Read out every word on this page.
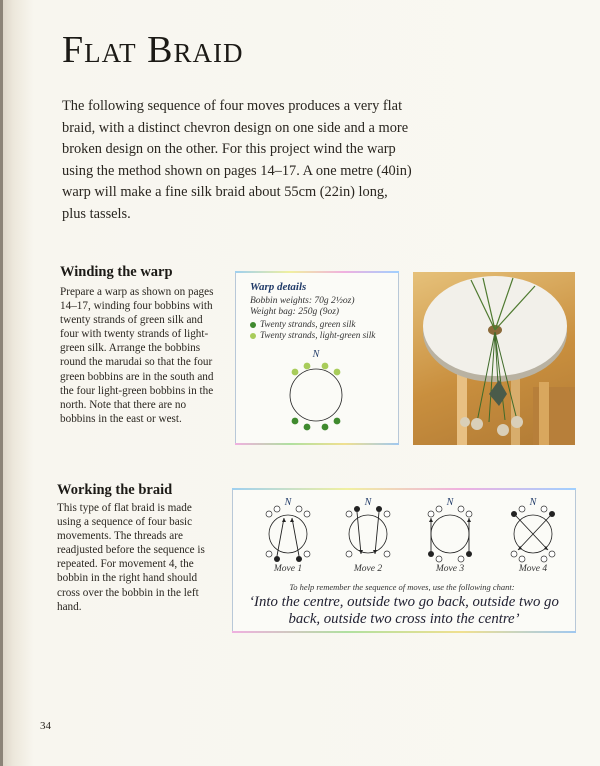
Flat Braid
The following sequence of four moves produces a very flat braid, with a distinct chevron design on one side and a more broken design on the other. For this project wind the warp using the method shown on pages 14–17. A one metre (40in) warp will make a fine silk braid about 55cm (22in) long, plus tassels.
Winding the warp
Prepare a warp as shown on pages 14–17, winding four bobbins with twenty strands of green silk and four with twenty strands of light-green silk. Arrange the bobbins round the marudai so that the four green bobbins are in the south and the four light-green bobbins in the north. Note that there are no bobbins in the east or west.
Warp details
Bobbin weights: 70g 2½oz)
Weight bag: 250g (9oz)
Twenty strands, green silk
Twenty strands, light-green silk
N
Working the braid
This type of flat braid is made using a sequence of four basic movements. The threads are readjusted before the sequence is repeated. For movement 4, the bobbin in the right hand should cross over the bobbin in the left hand.
N	N	N	N
Move 1	Move 2	Move 3	Move 4
To help remember the sequence of moves, use the following chant:
‘Into the centre, outside two go back, outside two go back, outside two cross into the centre’
34
